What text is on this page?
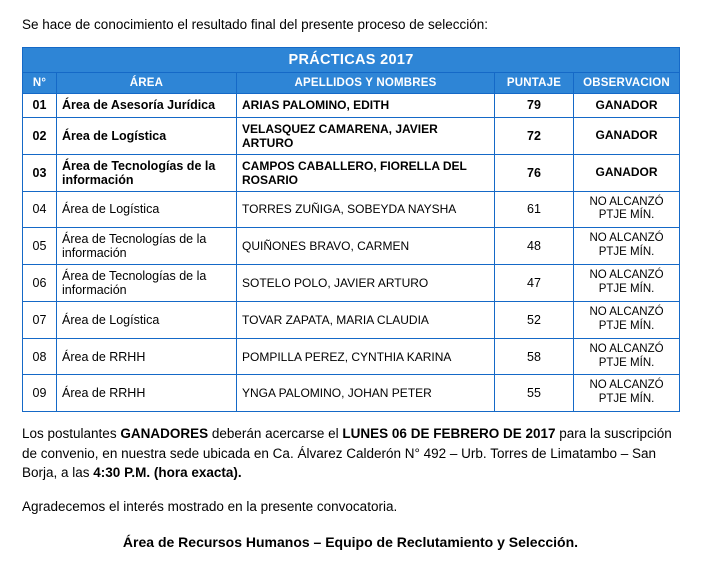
Se hace de conocimiento el resultado final del presente proceso de selección:

PRÁCTICAS 2017				
N°	ÁREA	APELLIDOS Y NOMBRES	PUNTAJE	OBSERVACION
01	Área de Asesoría Jurídica	ARIAS PALOMINO, EDITH	79	GANADOR
02	Área de Logística	VELASQUEZ CAMARENA, JAVIER ARTURO	72	GANADOR
03	Área de Tecnologías de la información	CAMPOS CABALLERO, FIORELLA DEL ROSARIO	76	GANADOR
04	Área de Logística	TORRES ZUÑIGA, SOBEYDA NAYSHA	61	NO ALCANZÓ PTJE MÍN.
05	Área de Tecnologías de la información	QUIÑONES BRAVO, CARMEN	48	NO ALCANZÓ PTJE MÍN.
06	Área de Tecnologías de la información	SOTELO POLO, JAVIER ARTURO	47	NO ALCANZÓ PTJE MÍN.
07	Área de Logística	TOVAR ZAPATA, MARIA CLAUDIA	52	NO ALCANZÓ PTJE MÍN.
08	Área de RRHH	POMPILLA PEREZ, CYNTHIA KARINA	58	NO ALCANZÓ PTJE MÍN.
09	Área de RRHH	YNGA PALOMINO, JOHAN PETER	55	NO ALCANZÓ PTJE MÍN.

Los postulantes GANADORES deberán acercarse el LUNES 06 DE FEBRERO DE 2017 para la suscripción de convenio, en nuestra sede ubicada en Ca. Álvarez Calderón N° 492 – Urb. Torres de Limatambo – San Borja, a las 4:30 P.M. (hora exacta).

Agradecemos el interés mostrado en la presente convocatoria.

Área de Recursos Humanos – Equipo de Reclutamiento y Selección.
